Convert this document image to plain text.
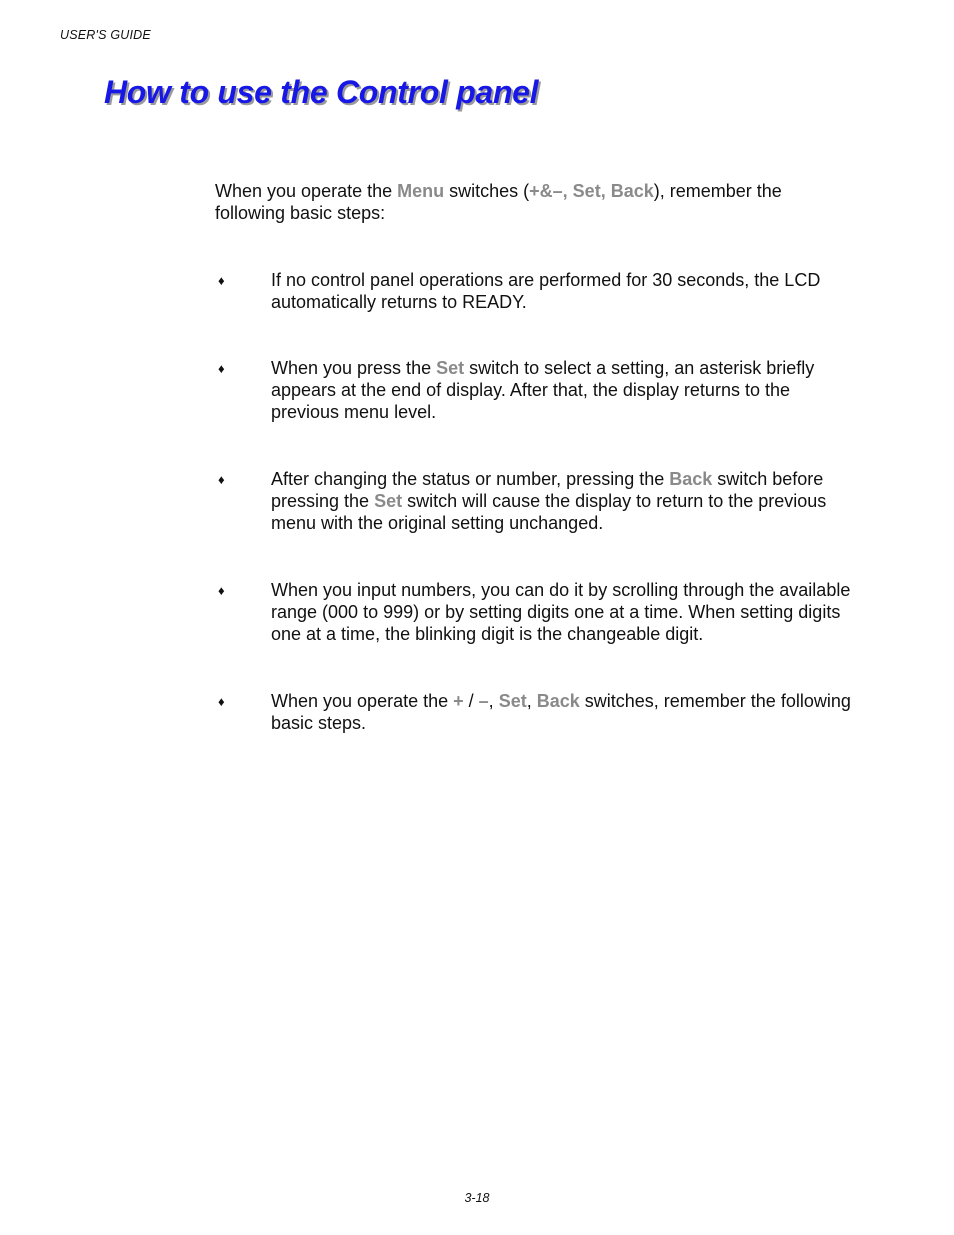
USER'S GUIDE
How to use the Control panel

When you operate the Menu switches (+&–, Set, Back), remember the following basic steps:

♦	If no control panel operations are performed for 30 seconds, the LCD automatically returns to READY.

♦	When you press the Set switch to select a setting, an asterisk briefly appears at the end of display. After that, the display returns to the previous menu level.

♦	After changing the status or number, pressing the Back switch before pressing the Set switch will cause the display to return to the previous menu with the original setting unchanged.

♦	When you input numbers, you can do it by scrolling through the available range (000 to 999) or by setting digits one at a time. When setting digits one at a time, the blinking digit is the changeable digit.

♦	When you operate the + / –, Set, Back switches, remember the following basic steps.

3-18
